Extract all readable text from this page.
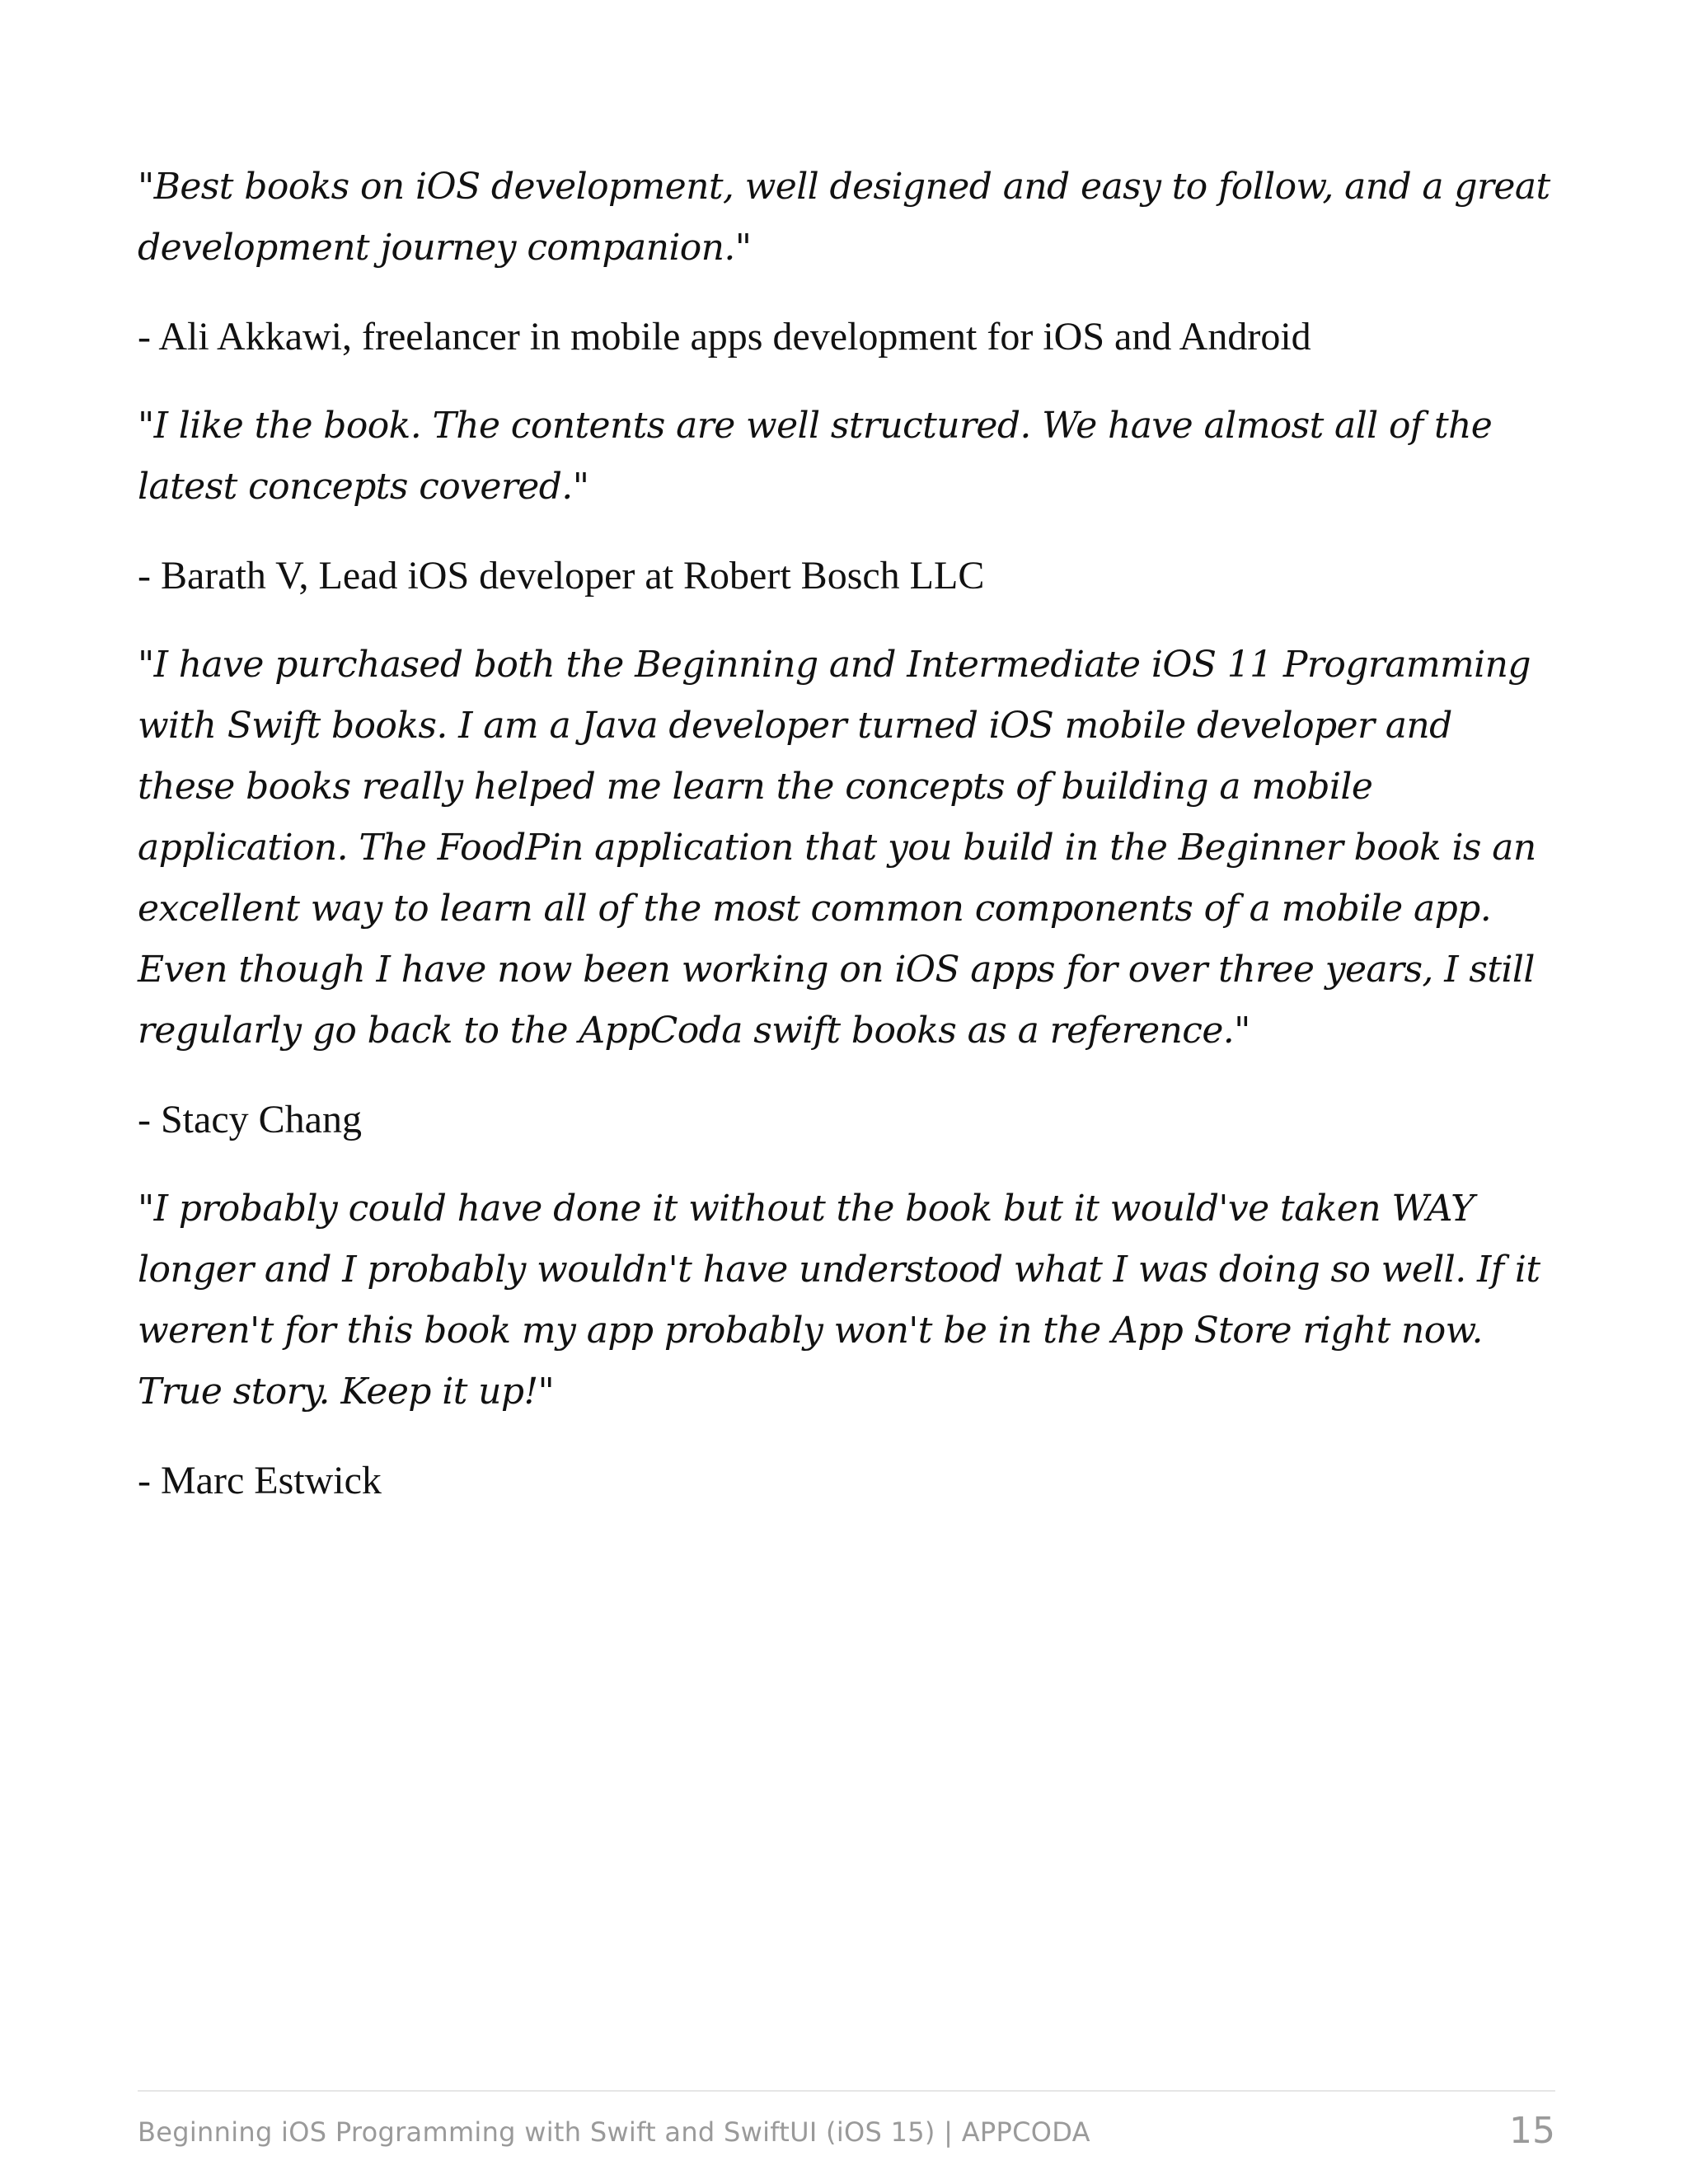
"Best books on iOS development, well designed and easy to follow, and a great development journey companion."

- Ali Akkawi, freelancer in mobile apps development for iOS and Android

"I like the book. The contents are well structured. We have almost all of the latest concepts covered."

- Barath V, Lead iOS developer at Robert Bosch LLC

"I have purchased both the Beginning and Intermediate iOS 11 Programming with Swift books. I am a Java developer turned iOS mobile developer and these books really helped me learn the concepts of building a mobile application. The FoodPin application that you build in the Beginner book is an excellent way to learn all of the most common components of a mobile app. Even though I have now been working on iOS apps for over three years, I still regularly go back to the AppCoda swift books as a reference."

- Stacy Chang

"I probably could have done it without the book but it would've taken WAY longer and I probably wouldn't have understood what I was doing so well. If it weren't for this book my app probably won't be in the App Store right now. True story. Keep it up!"

- Marc Estwick

Beginning iOS Programming with Swift and SwiftUI (iOS 15) | APPCODA	15
